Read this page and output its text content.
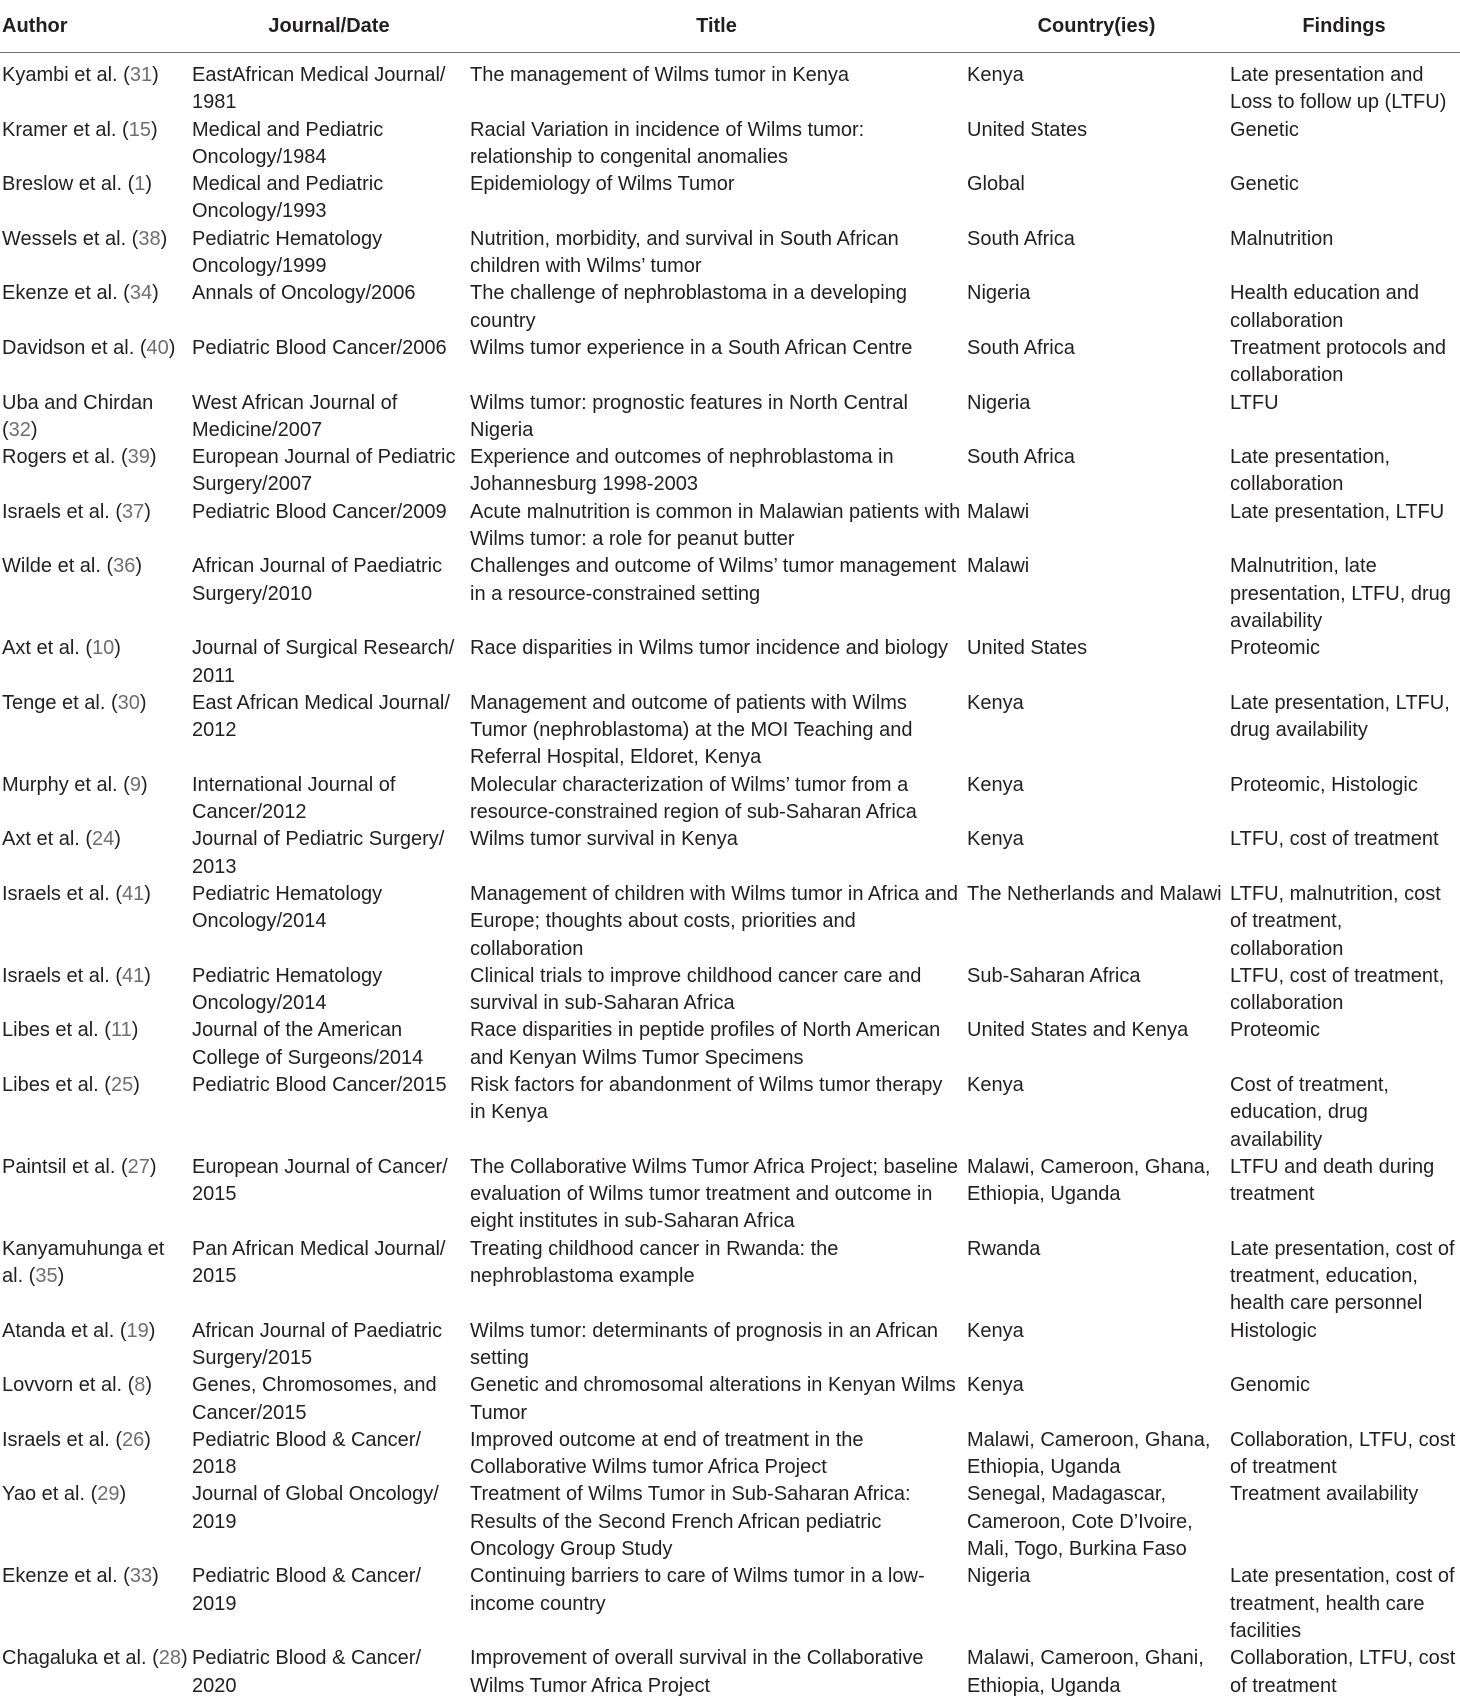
Author	Journal/Date	Title	Country(ies)	Findings
Kyambi et al. (31)	EastAfrican Medical Journal/ 1981	The management of Wilms tumor in Kenya	Kenya	Late presentation and Loss to follow up (LTFU)
Kramer et al. (15)	Medical and Pediatric Oncology/1984	Racial Variation in incidence of Wilms tumor: relationship to congenital anomalies	United States	Genetic
Breslow et al. (1)	Medical and Pediatric Oncology/1993	Epidemiology of Wilms Tumor	Global	Genetic
Wessels et al. (38)	Pediatric Hematology Oncology/1999	Nutrition, morbidity, and survival in South African children with Wilms’ tumor	South Africa	Malnutrition
Ekenze et al. (34)	Annals of Oncology/2006	The challenge of nephroblastoma in a developing country	Nigeria	Health education and collaboration
Davidson et al. (40)	Pediatric Blood Cancer/2006	Wilms tumor experience in a South African Centre	South Africa	Treatment protocols and collaboration
Uba and Chirdan (32)	West African Journal of Medicine/2007	Wilms tumor: prognostic features in North Central Nigeria	Nigeria	LTFU
Rogers et al. (39)	European Journal of Pediatric Surgery/2007	Experience and outcomes of nephroblastoma in Johannesburg 1998-2003	South Africa	Late presentation, collaboration
Israels et al. (37)	Pediatric Blood Cancer/2009	Acute malnutrition is common in Malawian patients with Wilms tumor: a role for peanut butter	Malawi	Late presentation, LTFU
Wilde et al. (36)	African Journal of Paediatric Surgery/2010	Challenges and outcome of Wilms’ tumor management in a resource-constrained setting	Malawi	Malnutrition, late presentation, LTFU, drug availability
Axt et al. (10)	Journal of Surgical Research/ 2011	Race disparities in Wilms tumor incidence and biology	United States	Proteomic
Tenge et al. (30)	East African Medical Journal/ 2012	Management and outcome of patients with Wilms Tumor (nephroblastoma) at the MOI Teaching and Referral Hospital, Eldoret, Kenya	Kenya	Late presentation, LTFU, drug availability
Murphy et al. (9)	International Journal of Cancer/2012	Molecular characterization of Wilms’ tumor from a resource-constrained region of sub-Saharan Africa	Kenya	Proteomic, Histologic
Axt et al. (24)	Journal of Pediatric Surgery/ 2013	Wilms tumor survival in Kenya	Kenya	LTFU, cost of treatment
Israels et al. (41)	Pediatric Hematology Oncology/2014	Management of children with Wilms tumor in Africa and Europe; thoughts about costs, priorities and collaboration	The Netherlands and Malawi	LTFU, malnutrition, cost of treatment, collaboration
Israels et al. (41)	Pediatric Hematology Oncology/2014	Clinical trials to improve childhood cancer care and survival in sub-Saharan Africa	Sub-Saharan Africa	LTFU, cost of treatment, collaboration
Libes et al. (11)	Journal of the American College of Surgeons/2014	Race disparities in peptide profiles of North American and Kenyan Wilms Tumor Specimens	United States and Kenya	Proteomic
Libes et al. (25)	Pediatric Blood Cancer/2015	Risk factors for abandonment of Wilms tumor therapy in Kenya	Kenya	Cost of treatment, education, drug availability
Paintsil et al. (27)	European Journal of Cancer/ 2015	The Collaborative Wilms Tumor Africa Project; baseline evaluation of Wilms tumor treatment and outcome in eight institutes in sub-Saharan Africa	Malawi, Cameroon, Ghana, Ethiopia, Uganda	LTFU and death during treatment
Kanyamuhunga et al. (35)	Pan African Medical Journal/ 2015	Treating childhood cancer in Rwanda: the nephroblastoma example	Rwanda	Late presentation, cost of treatment, education, health care personnel
Atanda et al. (19)	African Journal of Paediatric Surgery/2015	Wilms tumor: determinants of prognosis in an African setting	Kenya	Histologic
Lovvorn et al. (8)	Genes, Chromosomes, and Cancer/2015	Genetic and chromosomal alterations in Kenyan Wilms Tumor	Kenya	Genomic
Israels et al. (26)	Pediatric Blood & Cancer/ 2018	Improved outcome at end of treatment in the Collaborative Wilms tumor Africa Project	Malawi, Cameroon, Ghana, Ethiopia, Uganda	Collaboration, LTFU, cost of treatment
Yao et al. (29)	Journal of Global Oncology/ 2019	Treatment of Wilms Tumor in Sub-Saharan Africa: Results of the Second French African pediatric Oncology Group Study	Senegal, Madagascar, Cameroon, Cote D’Ivoire, Mali, Togo, Burkina Faso	Treatment availability
Ekenze et al. (33)	Pediatric Blood & Cancer/ 2019	Continuing barriers to care of Wilms tumor in a low-income country	Nigeria	Late presentation, cost of treatment, health care facilities
Chagaluka et al. (28)	Pediatric Blood & Cancer/ 2020	Improvement of overall survival in the Collaborative Wilms Tumor Africa Project	Malawi, Cameroon, Ghani, Ethiopia, Uganda	Collaboration, LTFU, cost of treatment
